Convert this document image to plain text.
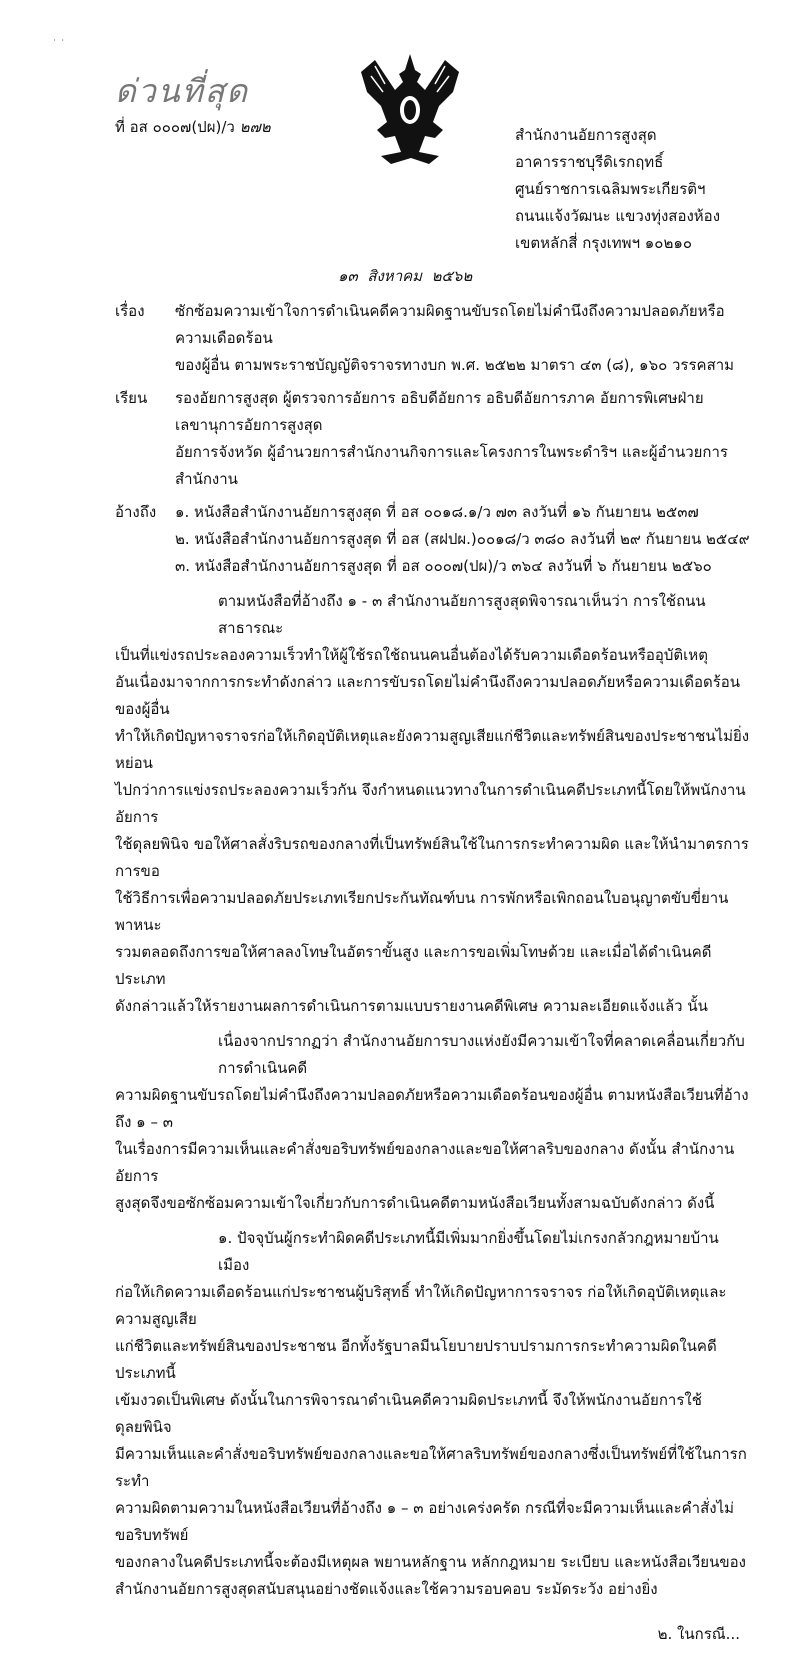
˙ ˙
ด่วนที่สุด
ที่ อส ๐๐๐๗(ปผ)/ว ๒๗๒	สำนักงานอัยการสูงสุด
อาคารราชบุรีดิเรกฤทธิ์
ศูนย์ราชการเฉลิมพระเกียรติฯ
ถนนแจ้งวัฒนะ แขวงทุ่งสองห้อง
เขตหลักสี่ กรุงเทพฯ ๑๐๒๑๐
๑๓ สิงหาคม ๒๕๖๒
เรื่อง	ซักซ้อมความเข้าใจการดำเนินคดีความผิดฐานขับรถโดยไม่คำนึงถึงความปลอดภัยหรือความเดือดร้อน
ของผู้อื่น ตามพระราชบัญญัติจราจรทางบก พ.ศ. ๒๕๒๒ มาตรา ๔๓ (๘), ๑๖๐ วรรคสาม
เรียน	รองอัยการสูงสุด ผู้ตรวจการอัยการ อธิบดีอัยการ อธิบดีอัยการภาค อัยการพิเศษฝ่าย เลขานุการอัยการสูงสุด
อัยการจังหวัด ผู้อำนวยการสำนักงานกิจการและโครงการในพระดำริฯ และผู้อำนวยการสำนักงาน
อ้างถึง	๑. หนังสือสำนักงานอัยการสูงสุด ที่ อส ๐๐๑๘.๑/ว ๗๓ ลงวันที่ ๑๖ กันยายน ๒๕๓๗
๒. หนังสือสำนักงานอัยการสูงสุด ที่ อส (สฝปผ.)๐๐๑๘/ว ๓๘๐ ลงวันที่ ๒๙ กันยายน ๒๕๔๙
๓. หนังสือสำนักงานอัยการสูงสุด ที่ อส ๐๐๐๗(ปผ)/ว ๓๖๔ ลงวันที่ ๖ กันยายน ๒๕๖๐
ตามหนังสือที่อ้างถึง ๑ - ๓ สำนักงานอัยการสูงสุดพิจารณาเห็นว่า การใช้ถนนสาธารณะ
เป็นที่แข่งรถประลองความเร็วทำให้ผู้ใช้รถใช้ถนนคนอื่นต้องได้รับความเดือดร้อนหรืออุบัติเหตุ
อันเนื่องมาจากการกระทำดังกล่าว และการขับรถโดยไม่คำนึงถึงความปลอดภัยหรือความเดือดร้อนของผู้อื่น
ทำให้เกิดปัญหาจราจรก่อให้เกิดอุบัติเหตุและยังความสูญเสียแก่ชีวิตและทรัพย์สินของประชาชนไม่ยิ่งหย่อน
ไปกว่าการแข่งรถประลองความเร็วกัน จึงกำหนดแนวทางในการดำเนินคดีประเภทนี้โดยให้พนักงานอัยการ
ใช้ดุลยพินิจ ขอให้ศาลสั่งริบรถของกลางที่เป็นทรัพย์สินใช้ในการกระทำความผิด และให้นำมาตรการการขอ
ใช้วิธีการเพื่อความปลอดภัยประเภทเรียกประกันทัณฑ์บน การพักหรือเพิกถอนใบอนุญาตขับขี่ยานพาหนะ
รวมตลอดถึงการขอให้ศาลลงโทษในอัตราขั้นสูง และการขอเพิ่มโทษด้วย และเมื่อได้ดำเนินคดีประเภท
ดังกล่าวแล้วให้รายงานผลการดำเนินการตามแบบรายงานคดีพิเศษ ความละเอียดแจ้งแล้ว นั้น
เนื่องจากปรากฏว่า สำนักงานอัยการบางแห่งยังมีความเข้าใจที่คลาดเคลื่อนเกี่ยวกับการดำเนินคดี
ความผิดฐานขับรถโดยไม่คำนึงถึงความปลอดภัยหรือความเดือดร้อนของผู้อื่น ตามหนังสือเวียนที่อ้างถึง ๑ – ๓
ในเรื่องการมีความเห็นและคำสั่งขอริบทรัพย์ของกลางและขอให้ศาลริบของกลาง ดังนั้น สำนักงานอัยการ
สูงสุดจึงขอซักซ้อมความเข้าใจเกี่ยวกับการดำเนินคดีตามหนังสือเวียนทั้งสามฉบับดังกล่าว ดังนี้
๑. ปัจจุบันผู้กระทำผิดคดีประเภทนี้มีเพิ่มมากยิ่งขึ้นโดยไม่เกรงกลัวกฎหมายบ้านเมือง
ก่อให้เกิดความเดือดร้อนแก่ประชาชนผู้บริสุทธิ์ ทำให้เกิดปัญหาการจราจร ก่อให้เกิดอุบัติเหตุและความสูญเสีย
แก่ชีวิตและทรัพย์สินของประชาชน อีกทั้งรัฐบาลมีนโยบายปราบปรามการกระทำความผิดในคดีประเภทนี้
เข้มงวดเป็นพิเศษ ดังนั้นในการพิจารณาดำเนินคดีความผิดประเภทนี้ จึงให้พนักงานอัยการใช้ดุลยพินิจ
มีความเห็นและคำสั่งขอริบทรัพย์ของกลางและขอให้ศาลริบทรัพย์ของกลางซึ่งเป็นทรัพย์ที่ใช้ในการกระทำ
ความผิดตามความในหนังสือเวียนที่อ้างถึง ๑ – ๓ อย่างเคร่งครัด กรณีที่จะมีความเห็นและคำสั่งไม่ขอริบทรัพย์
ของกลางในคดีประเภทนี้จะต้องมีเหตุผล พยานหลักฐาน หลักกฎหมาย ระเบียบ และหนังสือเวียนของ
สำนักงานอัยการสูงสุดสนับสนุนอย่างชัดแจ้งและใช้ความรอบคอบ ระมัดระวัง อย่างยิ่ง
๒. ในกรณี...
